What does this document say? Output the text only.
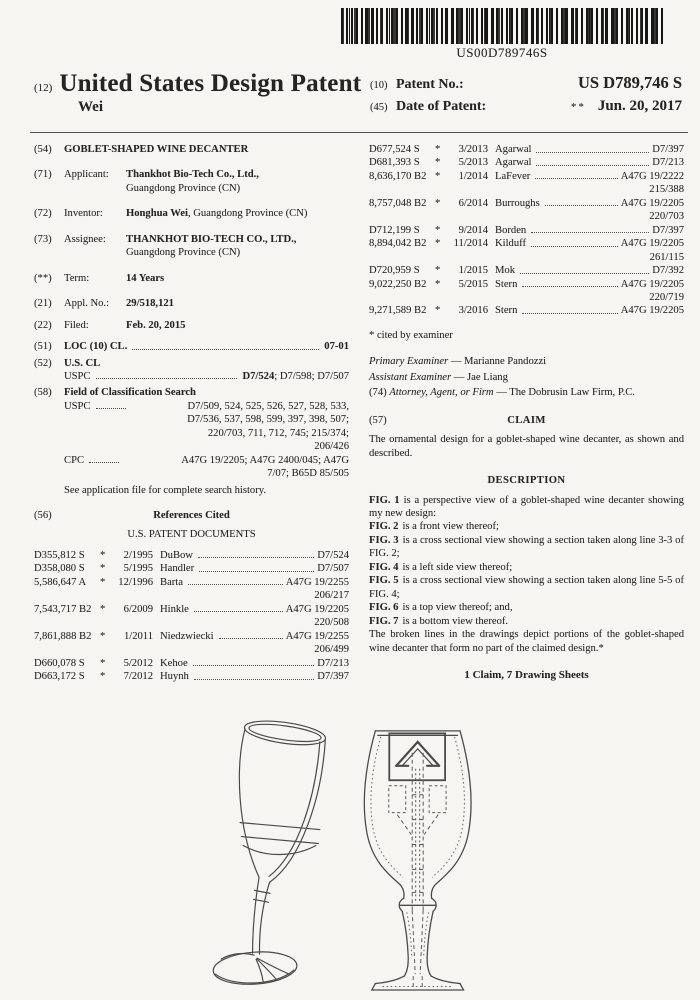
US00D789746S
(12) United States Design Patent
Wei
(10) Patent No.:	US D789,746 S
(45) Date of Patent:	** Jun. 20, 2017
(54)	GOBLET-SHAPED WINE DECANTER
(71)	Applicant:	Thankhot Bio-Tech Co., Ltd.,
Guangdong Province (CN)
(72)	Inventor:	Honghua Wei, Guangdong Province (CN)
(73)	Assignee:	THANKHOT BIO-TECH CO., LTD.,
Guangdong Province (CN)
(**)	Term:	14 Years
(21)	Appl. No.:	29/518,121
(22)	Filed:	Feb. 20, 2015
(51)	LOC (10) CL.	07-01
(52)	U.S. CL
USPC	D7/524; D7/598; D7/507
(58)	Field of Classification Search
USPC	D7/509, 524, 525, 526, 527, 528, 533,
D7/536, 537, 598, 599, 397, 398, 507;
220/703, 711, 712, 745; 215/374;
206/426
CPC	A47G 19/2205; A47G 2400/045; A47G
7/07; B65D 85/505
See application file for complete search history.
(56)	References Cited
U.S. PATENT DOCUMENTS
D355,812 S	*	2/1995 DuBow	D7/524
D358,080 S	*	5/1995 Handler	D7/507
5,586,647 A	*	12/1996 Barta	A47G 19/2255
206/217
7,543,717 B2 *	6/2009 Hinkle	A47G 19/2205
220/508
7,861,888 B2 *	1/2011 Niedzwiecki	A47G 19/2255
206/499
D660,078 S	*	5/2012 Kehoe	D7/213
D663,172 S	*	7/2012 Huynh	D7/397
D677,524 S	*	3/2013 Agarwal	D7/397
D681,393 S	*	5/2013 Agarwal	D7/213
8,636,170 B2 *	1/2014 LaFever	A47G 19/2222
215/388
8,757,048 B2 *	6/2014 Burroughs	A47G 19/2205
220/703
D712,199 S	*	9/2014 Borden	D7/397
8,894,042 B2 *	11/2014 Kilduff	A47G 19/2205
261/115
D720,959 S	*	1/2015 Mok	D7/392
9,022,250 B2 *	5/2015 Stern	A47G 19/2205
220/719
9,271,589 B2 *	3/2016 Stern	A47G 19/2205
* cited by examiner
Primary Examiner — Marianne Pandozzi
Assistant Examiner — Jae Liang
(74) Attorney, Agent, or Firm — The Dobrusin Law Firm, P.C.
(57)	CLAIM
The ornamental design for a goblet-shaped wine decanter, as shown and described.
DESCRIPTION

FIG. 1 is a perspective view of a goblet-shaped wine decanter showing my new design:

FIG. 2 is a front view thereof;

FIG. 3 is a cross sectional view showing a section taken along line 3-3 of FIG. 2;

FIG. 4 is a left side view thereof;

FIG. 5 is a cross sectional view showing a section taken along line 5-5 of FIG. 4;

FIG. 6 is a top view thereof; and,

FIG. 7 is a bottom view thereof.

The broken lines in the drawings depict portions of the goblet-shaped wine decanter that form no part of the claimed design.*

1 Claim, 7 Drawing Sheets
